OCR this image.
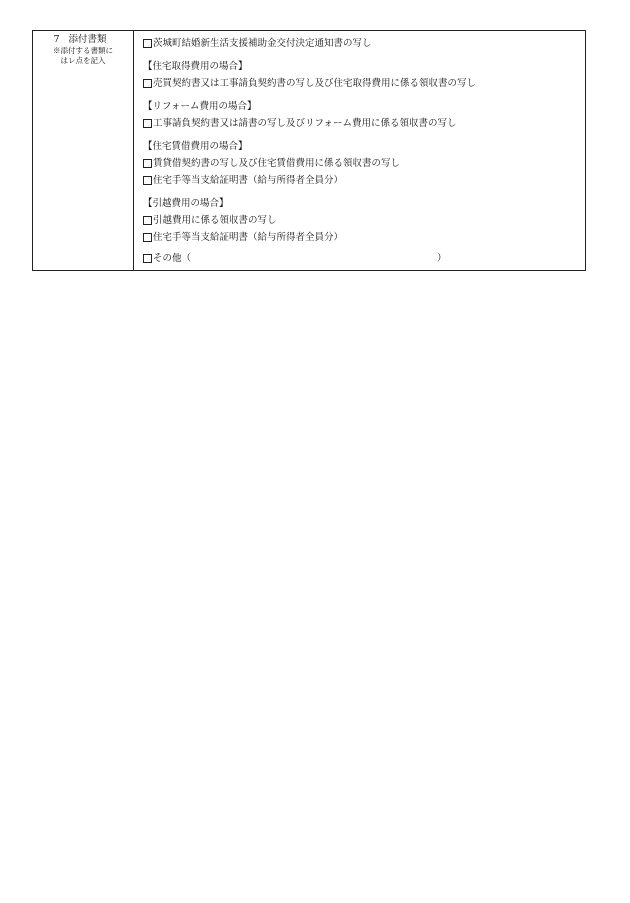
7 添付書類
※添付する書類に
はレ点を記入
茨城町結婚新生活支援補助金交付決定通知書の写し
【住宅取得費用の場合】
売買契約書又は工事請負契約書の写し及び住宅取得費用に係る領収書の写し
【リフォーム費用の場合】
工事請負契約書又は請書の写し及びリフォーム費用に係る領収書の写し
【住宅賃借費用の場合】
賃貸借契約書の写し及び住宅賃借費用に係る領収書の写し
住宅手等当支給証明書（給与所得者全員分）
【引越費用の場合】
引越費用に係る領収書の写し
住宅手等当支給証明書（給与所得者全員分）
その他（	）
